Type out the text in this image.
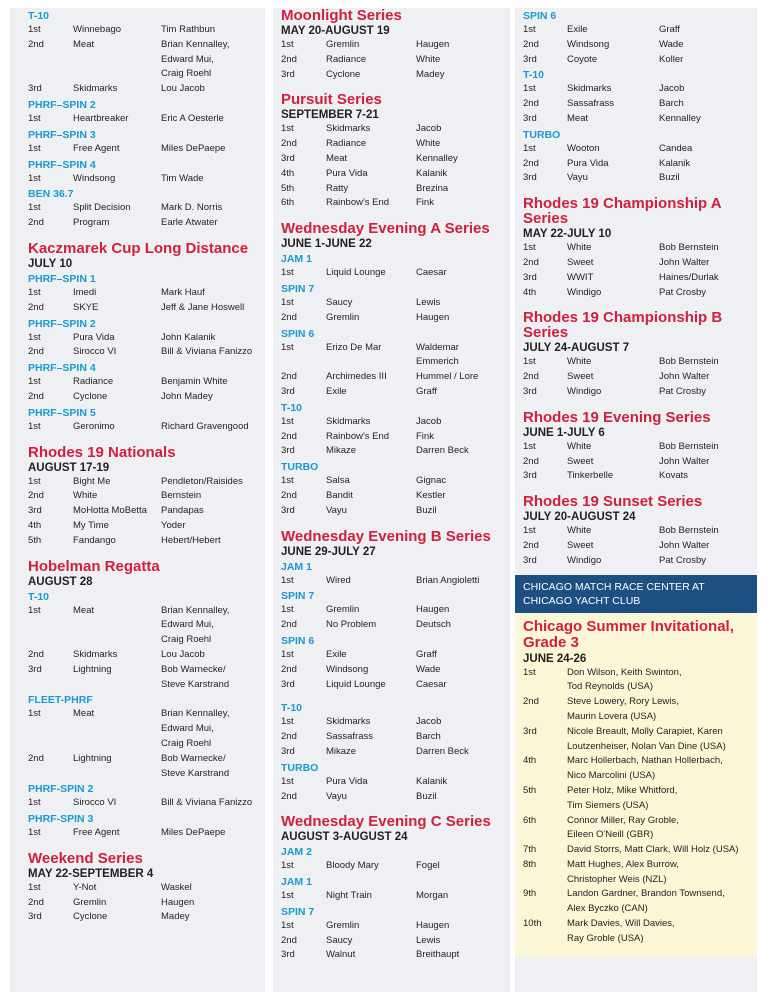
T-10
1st	Winnebago	Tim Rathbun
2nd	Meat	Brian Kennalley,
Edward Mui,
Craig Roehl
3rd	Skidmarks	Lou Jacob
PHRF–SPIN 2
1st	Heartbreaker	Eric A Oesterle
PHRF–SPIN 3
1st	Free Agent	Miles DePaepe
PHRF–SPIN 4
1st	Windsong	Tim Wade
BEN 36.7
1st	Split Decision	Mark D. Norris
2nd	Program	Earle Atwater
Kaczmarek Cup Long Distance
JULY 10
PHRF–SPIN 1
1st	Imedi	Mark Hauf
2nd	SKYE	Jeff & Jane Hoswell
PHRF–SPIN 2
1st	Pura Vida	John Kalanik
2nd	Sirocco VI	Bill & Viviana Fanizzo
PHRF–SPIN 4
1st	Radiance	Benjamin White
2nd	Cyclone	John Madey
PHRF–SPIN 5
1st	Geronimo	Richard Gravengood
Rhodes 19 Nationals
AUGUST 17-19
1st	Bight Me	Pendleton/Raisides
2nd	White	Bernstein
3rd	MoHotta MoBetta	Pandapas
4th	My Time	Yoder
5th	Fandango	Hebert/Hebert
Hobelman Regatta
AUGUST 28
T-10
1st	Meat	Brian Kennalley,
Edward Mui,
Craig Roehl
2nd	Skidmarks	Lou Jacob
3rd	Lightning	Bob Warnecke/
Steve Karstrand
FLEET-PHRF
1st	Meat	Brian Kennalley,
Edward Mui,
Craig Roehl
2nd	Lightning	Bob Warnecke/
Steve Karstrand
PHRF-SPIN 2
1st	Sirocco VI	Bill & Viviana Fanizzo
PHRF-SPIN 3
1st	Free Agent	Miles DePaepe
Weekend Series
MAY 22-SEPTEMBER 4
1st	Y-Not	Waskel
2nd	Gremlin	Haugen
3rd	Cyclone	Madey
Moonlight Series
MAY 20-AUGUST 19
1st	Gremlin	Haugen
2nd	Radiance	White
3rd	Cyclone	Madey
Pursuit Series
SEPTEMBER 7-21
1st	Skidmarks	Jacob
2nd	Radiance	White
3rd	Meat	Kennalley
4th	Pura Vida	Kalanik
5th	Ratty	Brezina
6th	Rainbow's End	Fink
Wednesday Evening A Series
JUNE 1-JUNE 22
JAM 1
1st	Liquid Lounge	Caesar
SPIN 7
1st	Saucy	Lewis
2nd	Gremlin	Haugen
SPIN 6
1st	Erizo De Mar	Waldemar Emmerich
2nd	Archimedes III	Hummel / Lore
3rd	Exile	Graff
T-10
1st	Skidmarks	Jacob
2nd	Rainbow's End	Fink
3rd	Mikaze	Darren Beck
TURBO
1st	Salsa	Gignac
2nd	Bandit	Kestler
3rd	Vayu	Buzil
Wednesday Evening B Series
JUNE 29-JULY 27
JAM 1
1st	Wired	Brian Angioletti
SPIN 7
1st	Gremlin	Haugen
2nd	No Problem	Deutsch
SPIN 6
1st	Exile	Graff
2nd	Windsong	Wade
3rd	Liquid Lounge	Caesar
T-10
1st	Skidmarks	Jacob
2nd	Sassafrass	Barch
3rd	Mikaze	Darren Beck
TURBO
1st	Pura Vida	Kalanik
2nd	Vayu	Buzil
Wednesday Evening C Series
AUGUST 3-AUGUST 24
JAM 2
1st	Bloody Mary	Fogel
JAM 1
1st	Night Train	Morgan
SPIN 7
1st	Gremlin	Haugen
2nd	Saucy	Lewis
3rd	Walnut	Breithaupt
SPIN 6
1st	Exile	Graff
2nd	Windsong	Wade
3rd	Coyote	Koller
T-10
1st	Skidmarks	Jacob
2nd	Sassafrass	Barch
3rd	Meat	Kennalley
TURBO
1st	Wooton	Candea
2nd	Pura Vida	Kalanik
3rd	Vayu	Buzil
Rhodes 19 Championship A Series
MAY 22-JULY 10
1st	White	Bob Bernstein
2nd	Sweet	John Walter
3rd	WWIT	Haines/Durlak
4th	Windigo	Pat Crosby
Rhodes 19 Championship B Series
JULY 24-AUGUST 7
1st	White	Bob Bernstein
2nd	Sweet	John Walter
3rd	Windigo	Pat Crosby
Rhodes 19 Evening Series
JUNE 1-JULY 6
1st	White	Bob Bernstein
2nd	Sweet	John Walter
3rd	Tinkerbelle	Kovats
Rhodes 19 Sunset Series
JULY 20-AUGUST 24
1st	White	Bob Bernstein
2nd	Sweet	John Walter
3rd	Windigo	Pat Crosby
CHICAGO MATCH RACE CENTER AT CHICAGO YACHT CLUB
Chicago Summer Invitational, Grade 3
JUNE 24-26
1st	Don Wilson, Keith Swinton,
Tod Reynolds (USA)
2nd	Steve Lowery, Rory Lewis,
Maurin Lovera (USA)
3rd	Nicole Breault, Molly Carapiet, Karen
Loutzenheiser, Nolan Van Dine (USA)
4th	Marc Hollerbach, Nathan Hollerbach,
Nico Marcolini (USA)
5th	Peter Holz, Mike Whitford,
Tim Siemers (USA)
6th	Connor Miller, Ray Groble,
Eileen O'Neill (GBR)
7th	David Storrs, Matt Clark, Will Holz (USA)
8th	Matt Hughes, Alex Burrow,
Christopher Weis (NZL)
9th	Landon Gardner, Brandon Townsend,
Alex Byczko (CAN)
10th	Mark Davies, Will Davies,
Ray Groble (USA)
